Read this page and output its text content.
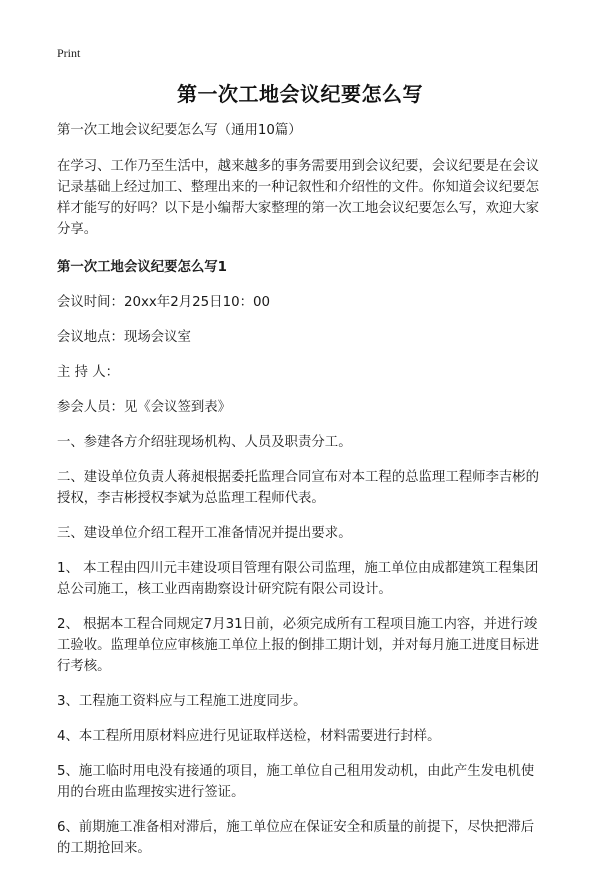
Print
第一次工地会议纪要怎么写

第一次工地会议纪要怎么写（通用10篇）

在学习、工作乃至生活中，越来越多的事务需要用到会议纪要，会议纪要是在会议记录基础上经过加工、整理出来的一种记叙性和介绍性的文件。你知道会议纪要怎样才能写的好吗？以下是小编帮大家整理的第一次工地会议纪要怎么写，欢迎大家分享。

第一次工地会议纪要怎么写1

会议时间：20xx年2月25日10：00

会议地点：现场会议室

主 持 人：

参会人员：见《会议签到表》

一、参建各方介绍驻现场机构、人员及职责分工。

二、建设单位负责人蒋昶根据委托监理合同宣布对本工程的总监理工程师李吉彬的授权，李吉彬授权李斌为总监理工程师代表。

三、建设单位介绍工程开工准备情况并提出要求。

1、 本工程由四川元丰建设项目管理有限公司监理，施工单位由成都建筑工程集团总公司施工，核工业西南勘察设计研究院有限公司设计。

2、 根据本工程合同规定7月31日前，必须完成所有工程项目施工内容，并进行竣工验收。监理单位应审核施工单位上报的倒排工期计划，并对每月施工进度目标进行考核。

3、工程施工资料应与工程施工进度同步。

4、本工程所用原材料应进行见证取样送检，材料需要进行封样。

5、施工临时用电没有接通的项目，施工单位自己租用发动机，由此产生发电机使用的台班由监理按实进行签证。

6、前期施工准备相对滞后，施工单位应在保证安全和质量的前提下，尽快把滞后的工期抢回来。
